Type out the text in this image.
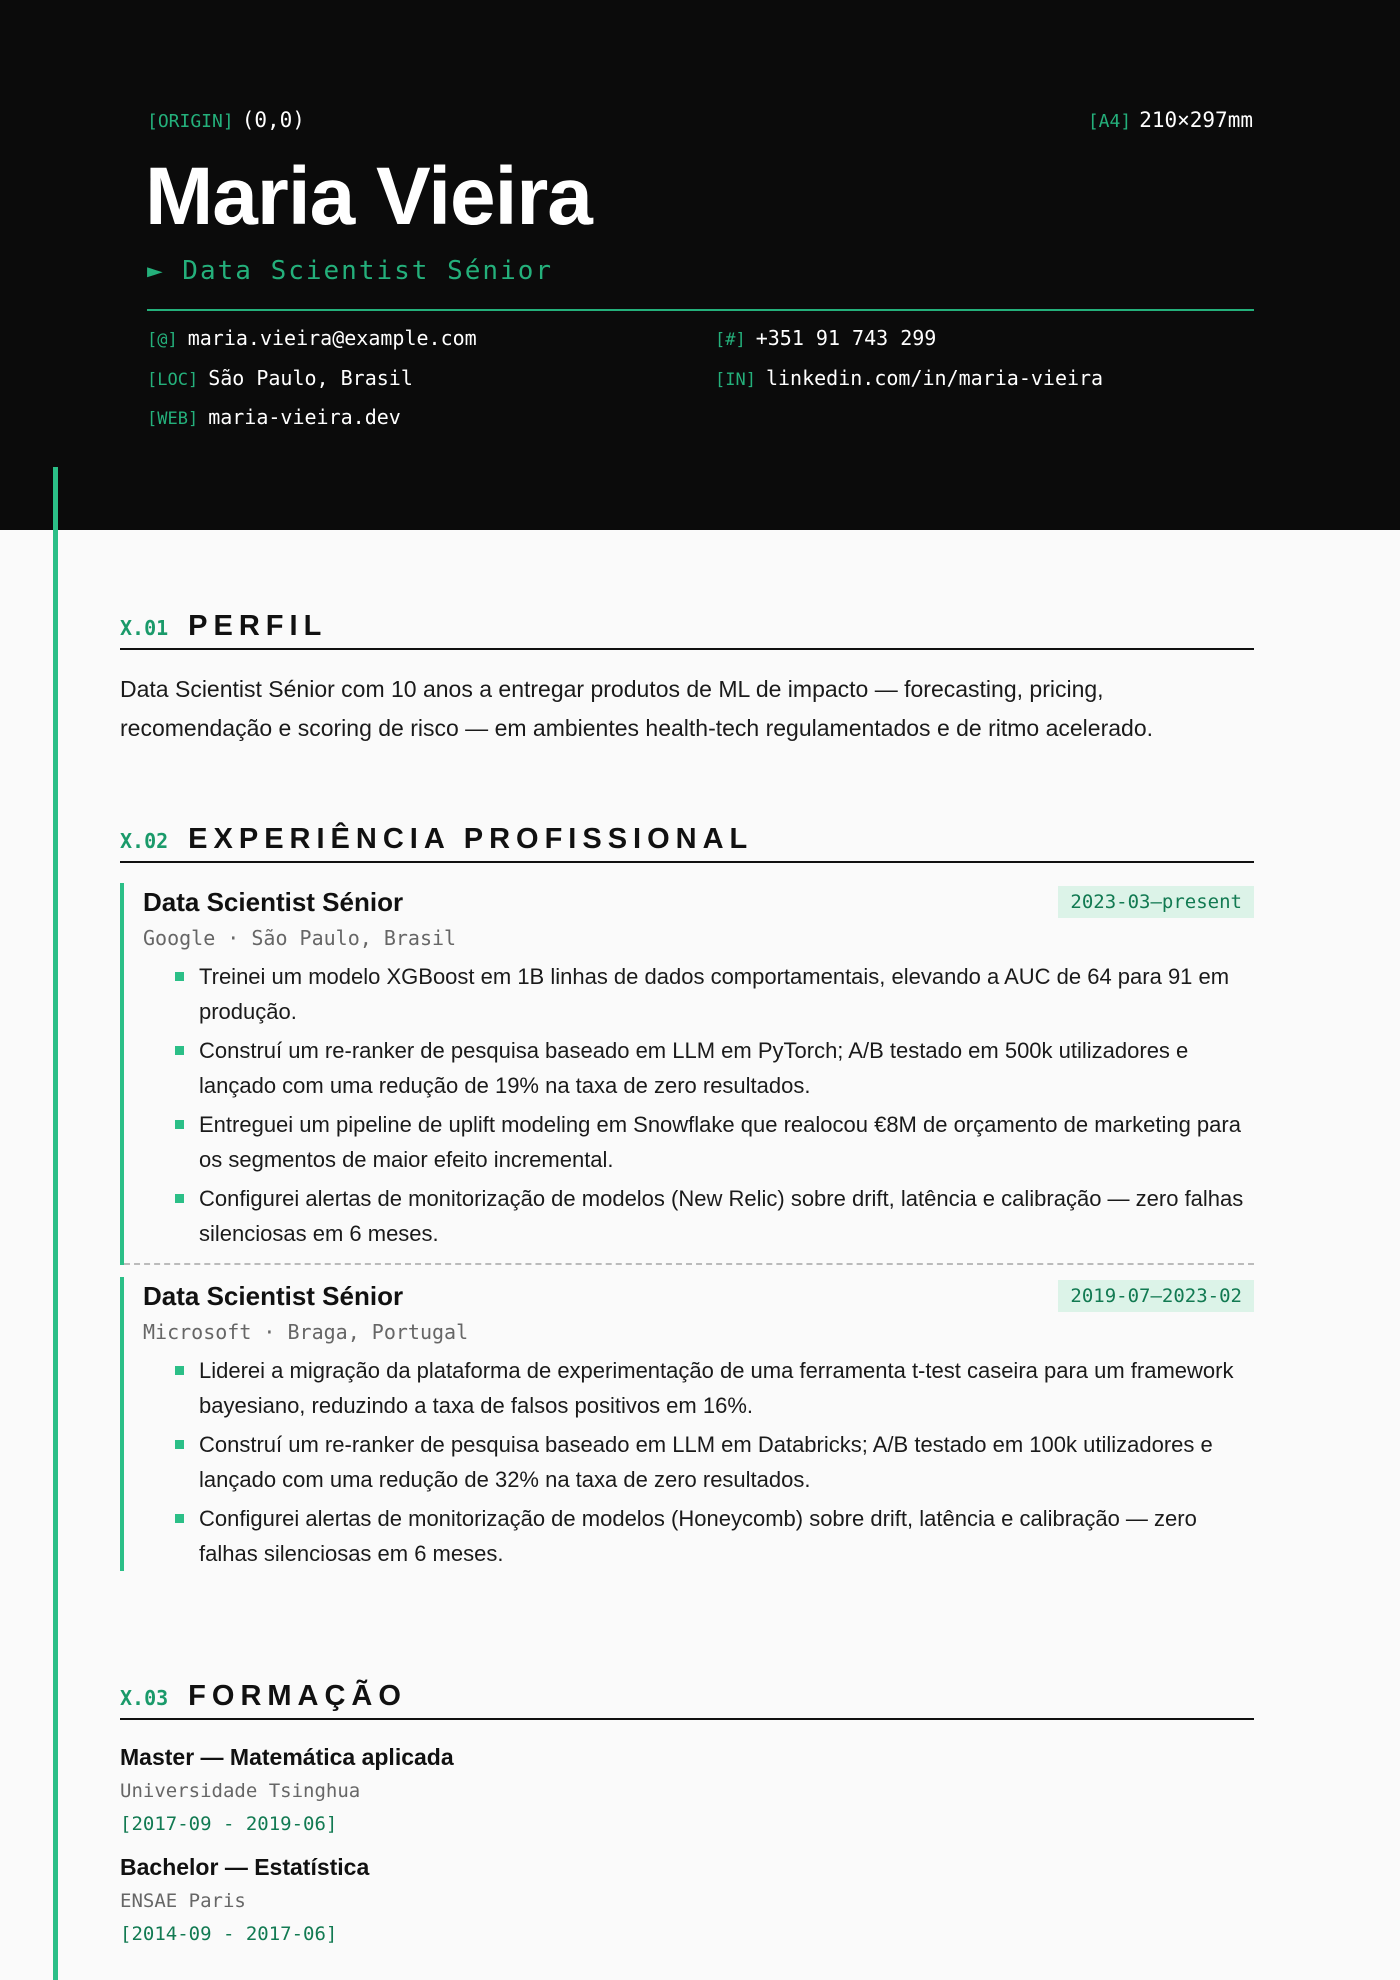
[ORIGIN] (0,0)	[A4] 210×297mm
Maria Vieira
► Data Scientist Sénior
[@] maria.vieira@example.com	[#] +351 91 743 299
[LOC] São Paulo, Brasil	[IN] linkedin.com/in/maria-vieira
[WEB] maria-vieira.dev
X.01 PERFIL

Data Scientist Sénior com 10 anos a entregar produtos de ML de impacto — forecasting, pricing, recomendação e scoring de risco — em ambientes health-tech regulamentados e de ritmo acelerado.

X.02 EXPERIÊNCIA PROFISSIONAL
Data Scientist Sénior	2023-03–present
Google · São Paulo, Brasil
Treinei um modelo XGBoost em 1B linhas de dados comportamentais, elevando a AUC de 64 para 91 em produção.
Construí um re-ranker de pesquisa baseado em LLM em PyTorch; A/B testado em 500k utilizadores e lançado com uma redução de 19% na taxa de zero resultados.
Entreguei um pipeline de uplift modeling em Snowflake que realocou €8M de orçamento de marketing para os segmentos de maior efeito incremental.
Configurei alertas de monitorização de modelos (New Relic) sobre drift, latência e calibração — zero falhas silenciosas em 6 meses.
Data Scientist Sénior	2019-07–2023-02
Microsoft · Braga, Portugal
Liderei a migração da plataforma de experimentação de uma ferramenta t-test caseira para um framework bayesiano, reduzindo a taxa de falsos positivos em 16%.
Construí um re-ranker de pesquisa baseado em LLM em Databricks; A/B testado em 100k utilizadores e lançado com uma redução de 32% na taxa de zero resultados.
Configurei alertas de monitorização de modelos (Honeycomb) sobre drift, latência e calibração — zero falhas silenciosas em 6 meses.
X.03 FORMAÇÃO
Master — Matemática aplicada
Universidade Tsinghua
[2017-09 - 2019-06]
Bachelor — Estatística
ENSAE Paris
[2014-09 - 2017-06]
